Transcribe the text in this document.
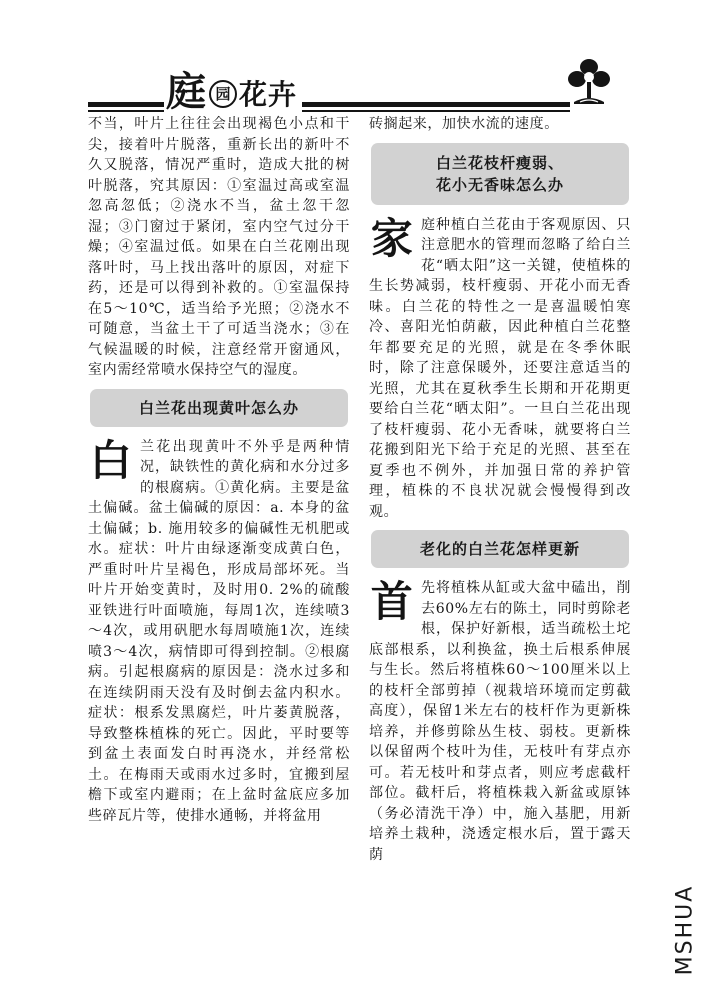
庭 园 花卉

不当，叶片上往往会出现褐色小点和干尖，接着叶片脱落，重新长出的新叶不久又脱落，情况严重时，造成大批的树叶脱落，究其原因：①室温过高或室温忽高忽低；②浇水不当，盆土忽干忽湿；③门窗过于紧闭，室内空气过分干燥；④室温过低。如果在白兰花刚出现落叶时，马上找出落叶的原因，对症下药，还是可以得到补救的。①室温保持在5～10℃，适当给予光照；②浇水不可随意，当盆土干了可适当浇水；③在气候温暖的时候，注意经常开窗通风，室内需经常喷水保持空气的湿度。

白兰花出现黄叶怎么办

白 兰花出现黄叶不外乎是两种情况，缺铁性的黄化病和水分过多的根腐病。①黄化病。主要是盆土偏碱。盆土偏碱的原因：a. 本身的盆土偏碱；b. 施用较多的偏碱性无机肥或水。症状：叶片由绿逐渐变成黄白色，严重时叶片呈褐色，形成局部坏死。当叶片开始变黄时，及时用0. 2%的硫酸亚铁进行叶面喷施，每周1次，连续喷3～4次，或用矾肥水每周喷施1次，连续喷3～4次，病情即可得到控制。②根腐病。引起根腐病的原因是：浇水过多和在连续阴雨天没有及时倒去盆内积水。症状：根系发黑腐烂，叶片萎黄脱落，导致整株植株的死亡。因此，平时要等到盆土表面发白时再浇水，并经常松土。在梅雨天或雨水过多时，宜搬到屋檐下或室内避雨；在上盆时盆底应多加些碎瓦片等，使排水通畅，并将盆用

砖搁起来，加快水流的速度。

白兰花枝杆瘦弱、
花小无香味怎么办

家 庭种植白兰花由于客观原因、只注意肥水的管理而忽略了给白兰花“晒太阳”这一关键，使植株的生长势减弱，枝杆瘦弱、开花小而无香味。白兰花的特性之一是喜温暖怕寒冷、喜阳光怕荫蔽，因此种植白兰花整年都要充足的光照，就是在冬季休眠时，除了注意保暖外，还要注意适当的光照，尤其在夏秋季生长期和开花期更要给白兰花“晒太阳”。一旦白兰花出现了枝杆瘦弱、花小无香味，就要将白兰花搬到阳光下给于充足的光照、甚至在夏季也不例外，并加强日常的养护管理，植株的不良状况就会慢慢得到改观。

老化的白兰花怎样更新

首 先将植株从缸或大盆中磕出，削去60%左右的陈土，同时剪除老根，保护好新根，适当疏松土坨底部根系，以利换盆，换土后根系伸展与生长。然后将植株60～100厘米以上的枝杆全部剪掉（视栽培环境而定剪截高度），保留1米左右的枝杆作为更新株培养，并修剪除丛生枝、弱枝。更新株以保留两个枝叶为佳，无枝叶有芽点亦可。若无枝叶和芽点者，则应考虑截杆部位。截杆后，将植株栽入新盆或原钵（务必清洗干净）中，施入基肥，用新培养土栽种，浇透定根水后，置于露天荫

MSHUA
